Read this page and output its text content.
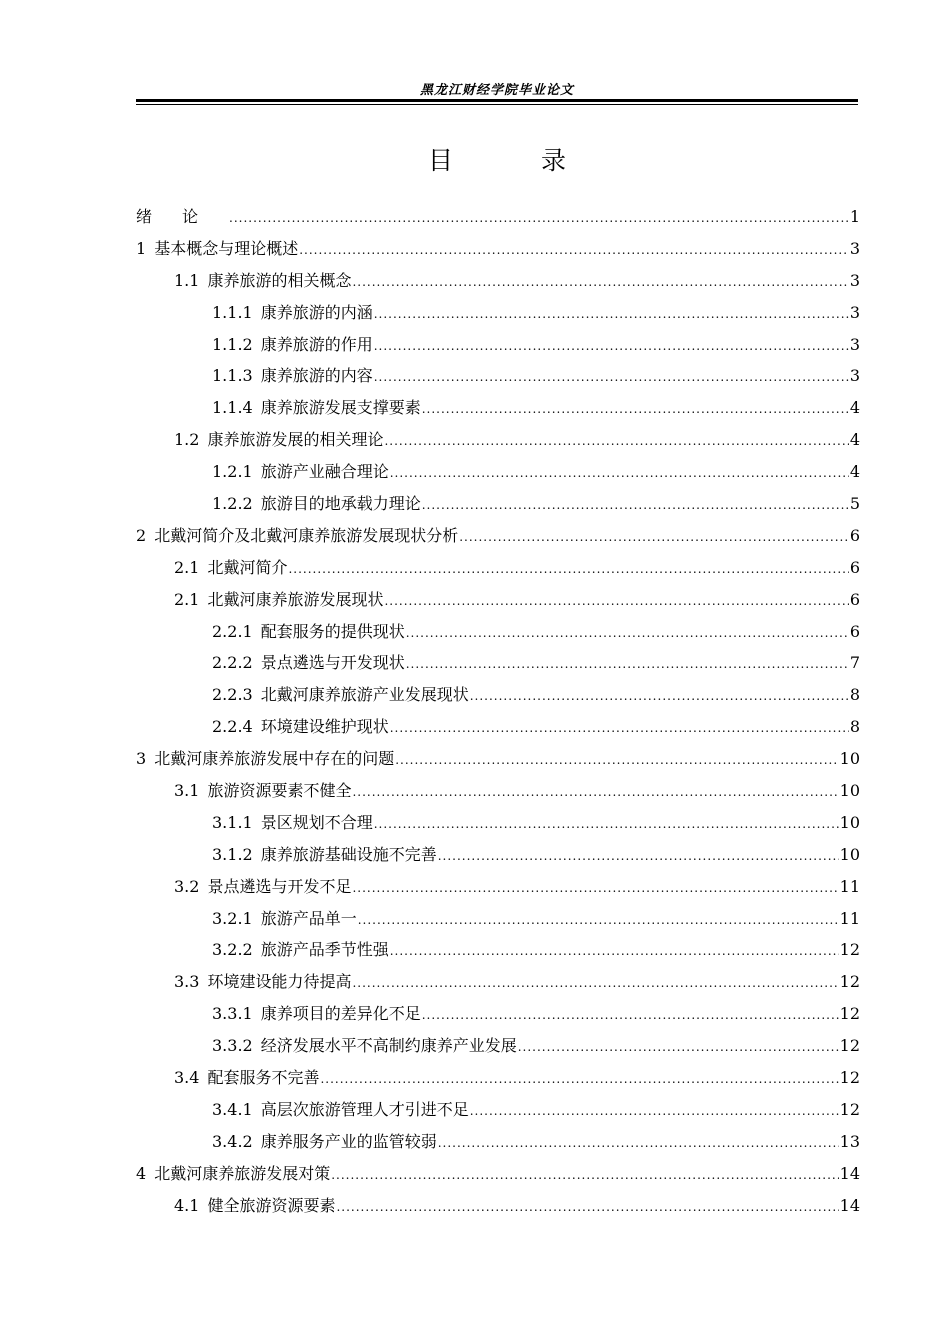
黑龙江财经学院毕业论文
目 录
绪论 .....	1
1 基本概念与理论概述 .....	3
1.1 康养旅游的相关概念 .....	3
1.1.1 康养旅游的内涵 .....	3
1.1.2 康养旅游的作用 .....	3
1.1.3 康养旅游的内容 .....	3
1.1.4 康养旅游发展支撑要素 .....	4
1.2 康养旅游发展的相关理论 .....	4
1.2.1 旅游产业融合理论 .....	4
1.2.2 旅游目的地承载力理论 .....	5
2 北戴河简介及北戴河康养旅游发展现状分析 .....	6
2.1 北戴河简介 .....	6
2.1 北戴河康养旅游发展现状 .....	6
2.2.1 配套服务的提供现状 .....	6
2.2.2 景点遴选与开发现状 .....	7
2.2.3 北戴河康养旅游产业发展现状 .....	8
2.2.4 环境建设维护现状 .....	8
3 北戴河康养旅游发展中存在的问题 .....	10
3.1 旅游资源要素不健全 .....	10
3.1.1 景区规划不合理 .....	10
3.1.2 康养旅游基础设施不完善 .....	10
3.2 景点遴选与开发不足 .....	11
3.2.1 旅游产品单一 .....	11
3.2.2 旅游产品季节性强 .....	12
3.3 环境建设能力待提高 .....	12
3.3.1 康养项目的差异化不足 .....	12
3.3.2 经济发展水平不高制约康养产业发展 .....	12
3.4 配套服务不完善 .....	12
3.4.1 高层次旅游管理人才引进不足 .....	12
3.4.2 康养服务产业的监管较弱 .....	13
4 北戴河康养旅游发展对策 .....	14
4.1 健全旅游资源要素 .....	14
